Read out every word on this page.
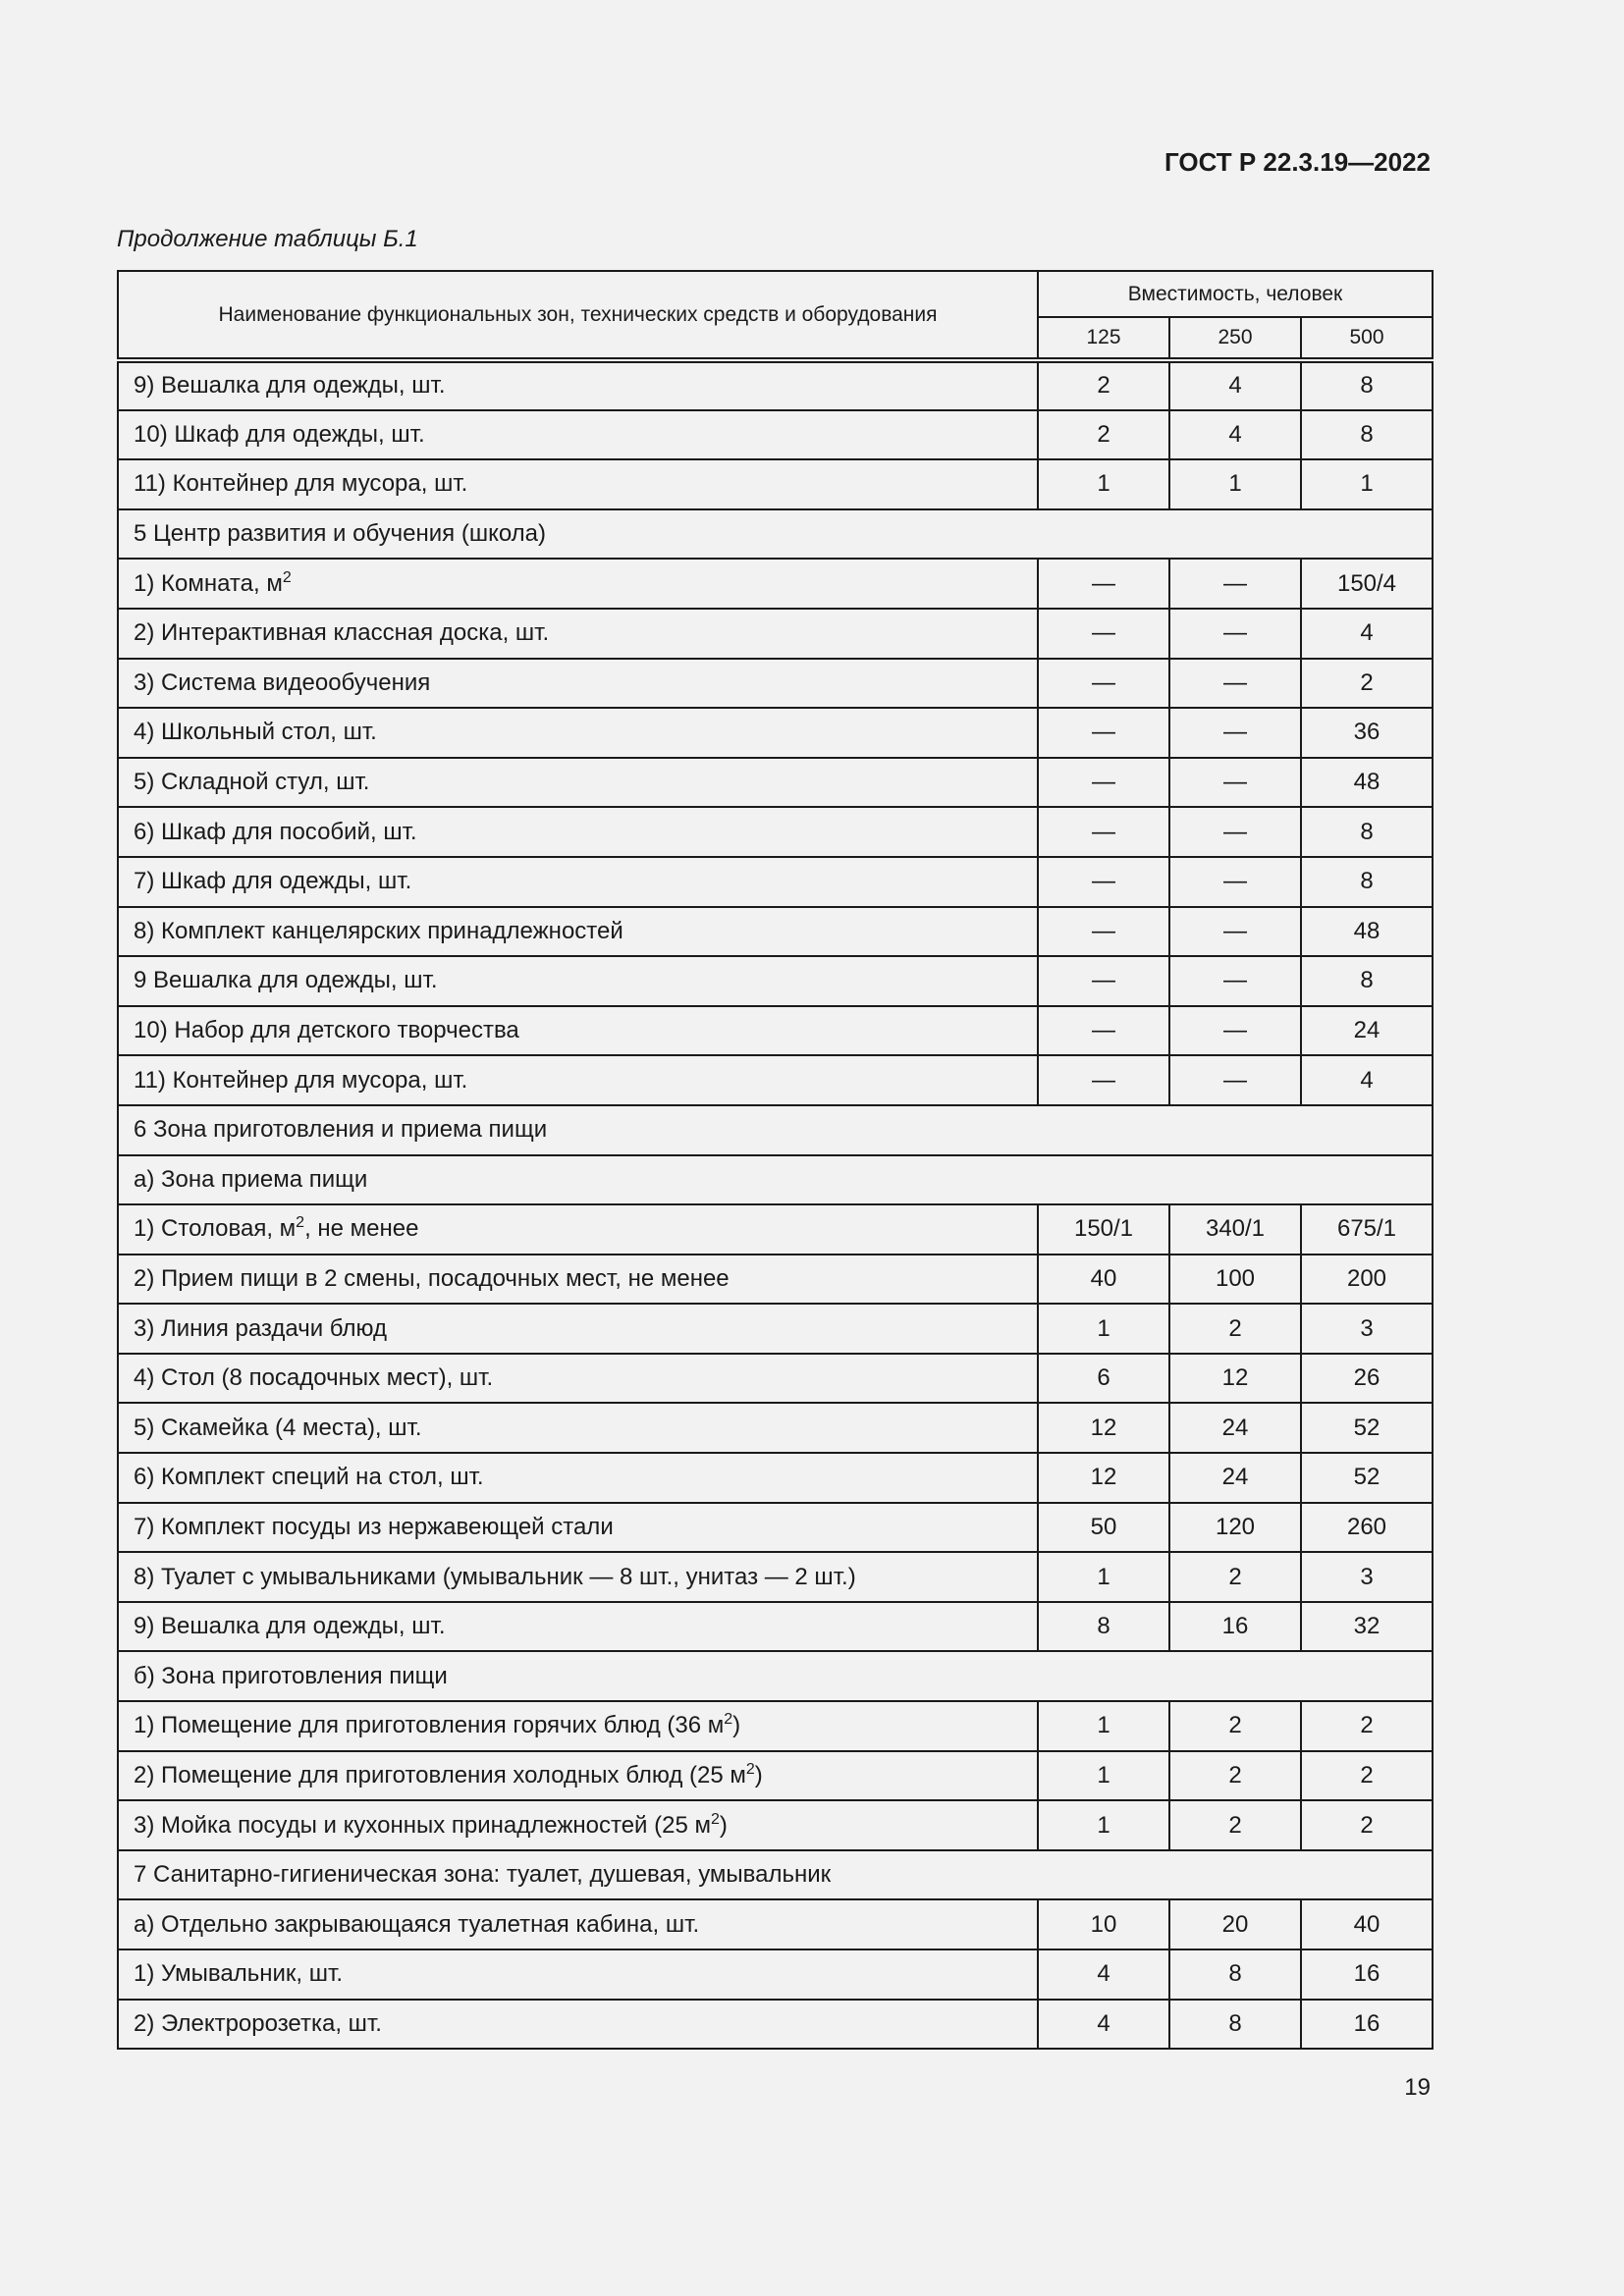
ГОСТ Р 22.3.19—2022
Продолжение таблицы Б.1
Наименование функциональных зон, технических средств и оборудования	Вместимость, человек		
	125	250	500
9) Вешалка для одежды, шт.	2	4	8
10) Шкаф для одежды, шт.	2	4	8
11) Контейнер для мусора, шт.	1	1	1
5 Центр развития и обучения (школа)			
1) Комната, $м^2$	—	—	150/4
2) Интерактивная классная доска, шт.	—	—	4
3) Система видеообучения	—	—	2
4) Школьный стол, шт.	—	—	36
5) Складной стул, шт.	—	—	48
6) Шкаф для пособий, шт.	—	—	8
7) Шкаф для одежды, шт.	—	—	8
8) Комплект канцелярских принадлежностей	—	—	48
9 Вешалка для одежды, шт.	—	—	8
10) Набор для детского творчества	—	—	24
11) Контейнер для мусора, шт.	—	—	4
6 Зона приготовления и приема пищи			
а) Зона приема пищи			
1) Столовая, $м^2$, не менее	150/1	340/1	675/1
2) Прием пищи в 2 смены, посадочных мест, не менее	40	100	200
3) Линия раздачи блюд	1	2	3
4) Стол (8 посадочных мест), шт.	6	12	26
5) Скамейка (4 места), шт.	12	24	52
6) Комплект специй на стол, шт.	12	24	52
7) Комплект посуды из нержавеющей стали	50	120	260
8) Туалет с умывальниками (умывальник — 8 шт., унитаз — 2 шт.)	1	2	3
9) Вешалка для одежды, шт.	8	16	32
б) Зона приготовления пищи			
1) Помещение для приготовления горячих блюд (36 $м^2$)	1	2	2
2) Помещение для приготовления холодных блюд (25 $м^2$)	1	2	2
3) Мойка посуды и кухонных принадлежностей (25 $м^2$)	1	2	2
7 Санитарно-гигиеническая зона: туалет, душевая, умывальник			
а) Отдельно закрывающаяся туалетная кабина, шт.	10	20	40
1) Умывальник, шт.	4	8	16
2) Электророзетка, шт.	4	8	16
19
